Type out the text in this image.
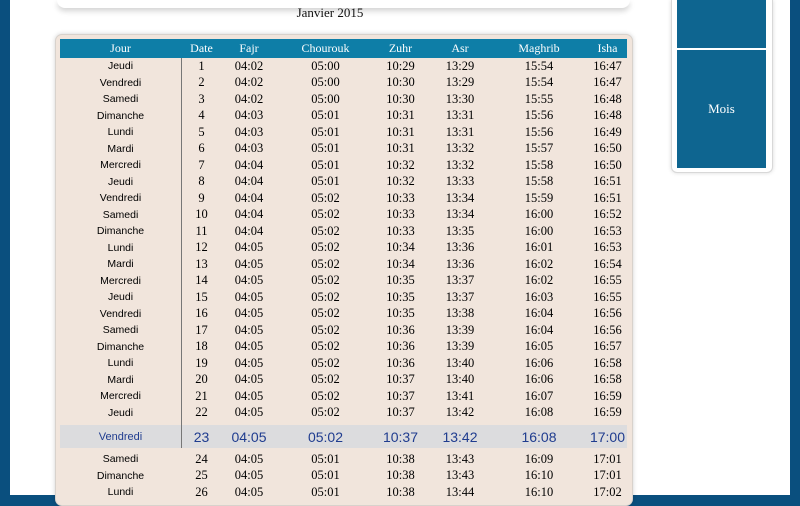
Janvier 2015
Jour	Date	Fajr	Chourouk	Zuhr	Asr	Maghrib	Isha
Jeudi	1	04:02	05:00	10:29	13:29	15:54	16:47
Vendredi	2	04:02	05:00	10:30	13:29	15:54	16:47
Samedi	3	04:02	05:00	10:30	13:30	15:55	16:48
Dimanche	4	04:03	05:01	10:31	13:31	15:56	16:48
Lundi	5	04:03	05:01	10:31	13:31	15:56	16:49
Mardi	6	04:03	05:01	10:31	13:32	15:57	16:50
Mercredi	7	04:04	05:01	10:32	13:32	15:58	16:50
Jeudi	8	04:04	05:01	10:32	13:33	15:58	16:51
Vendredi	9	04:04	05:02	10:33	13:34	15:59	16:51
Samedi	10	04:04	05:02	10:33	13:34	16:00	16:52
Dimanche	11	04:04	05:02	10:33	13:35	16:00	16:53
Lundi	12	04:05	05:02	10:34	13:36	16:01	16:53
Mardi	13	04:05	05:02	10:34	13:36	16:02	16:54
Mercredi	14	04:05	05:02	10:35	13:37	16:02	16:55
Jeudi	15	04:05	05:02	10:35	13:37	16:03	16:55
Vendredi	16	04:05	05:02	10:35	13:38	16:04	16:56
Samedi	17	04:05	05:02	10:36	13:39	16:04	16:56
Dimanche	18	04:05	05:02	10:36	13:39	16:05	16:57
Lundi	19	04:05	05:02	10:36	13:40	16:06	16:58
Mardi	20	04:05	05:02	10:37	13:40	16:06	16:58
Mercredi	21	04:05	05:02	10:37	13:41	16:07	16:59
Jeudi	22	04:05	05:02	10:37	13:42	16:08	16:59
Vendredi	23	04:05	05:02	10:37	13:42	16:08	17:00
Samedi	24	04:05	05:01	10:38	13:43	16:09	17:01
Dimanche	25	04:05	05:01	10:38	13:43	16:10	17:01
Lundi	26	04:05	05:01	10:38	13:44	16:10	17:02
Mois
